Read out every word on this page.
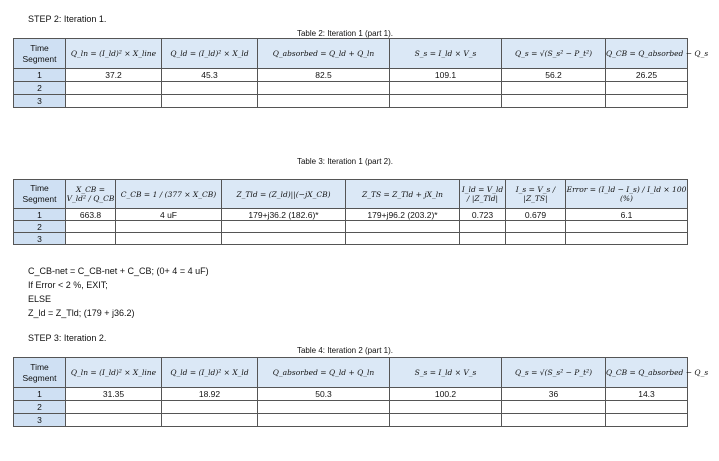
STEP 2: Iteration 1.
Table 2: Iteration 1 (part 1).
Time Segment	Q_ln = (I_ld)² × X_line	Q_ld = (I_ld)² × X_ld	Q_absorbed = Q_ld + Q_ln	S_s = I_ld × V_s	Q_s = √(S_s² − P_t²)	Q_CB = Q_absorbed − Q_s
1	37.2	45.3	82.5	109.1	56.2	26.25
2						
3						
Table 3: Iteration 1 (part 2).
Time Segment	X_CB = V_ld² / Q_CB	C_CB = 1 / (377 × X_CB)	Z_Tld = (Z_ld)||(−jX_CB)	Z_TS = Z_Tld + jX_ln	I_ld = V_ld / |Z_Tld|	I_s = V_s / |Z_TS|	Error = (I_ld − I_s) / I_ld × 100 (%)
1	663.8	4 uF	179+j36.2 (182.6)*	179+j96.2 (203.2)*	0.723	0.679	6.1
2							
3							
C_CB-net = C_CB-net + C_CB; (0+ 4 = 4 uF)
If Error < 2 %, EXIT;
ELSE
Z_ld = Z_Tld; (179 + j36.2)
STEP 3: Iteration 2.
Table 4: Iteration 2 (part 1).
Time Segment	Q_ln = (I_ld)² × X_line	Q_ld = (I_ld)² × X_ld	Q_absorbed = Q_ld + Q_ln	S_s = I_ld × V_s	Q_s = √(S_s² − P_t²)	Q_CB = Q_absorbed − Q_s
1	31.35	18.92	50.3	100.2	36	14.3
2						
3						
